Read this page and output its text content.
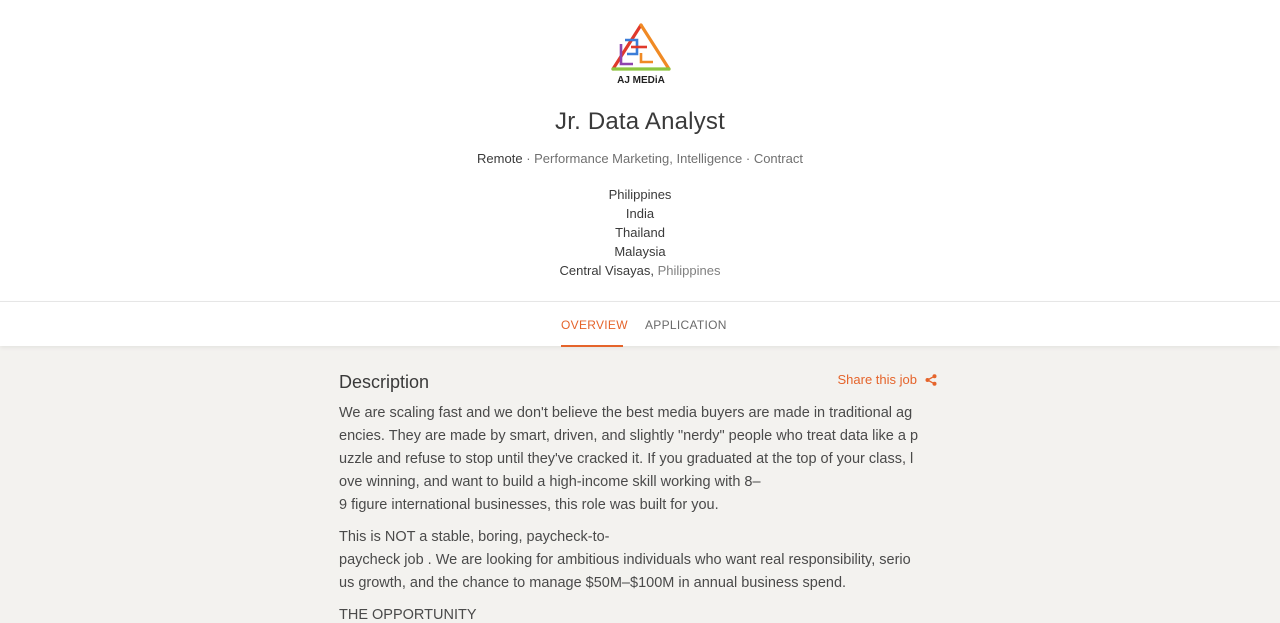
AJ MEDiA
Jr. Data Analyst
Remote · Performance Marketing, Intelligence · Contract
Philippines
India
Thailand
Malaysia
Central Visayas, Philippines
OVERVIEW APPLICATION
Description	Share this job

We are scaling fast and we don't believe the best media buyers are made in traditional ag
encies. They are made by smart, driven, and slightly "nerdy" people who treat data like a p
uzzle and refuse to stop until they've cracked it. If you graduated at the top of your class, l
ove winning, and want to build a high-income skill working with 8–
9 figure international businesses, this role was built for you.

This is NOT a stable, boring, paycheck-to-
paycheck job . We are looking for ambitious individuals who want real responsibility, serio
us growth, and the chance to manage $50M–$100M in annual business spend.

THE OPPORTUNITY
